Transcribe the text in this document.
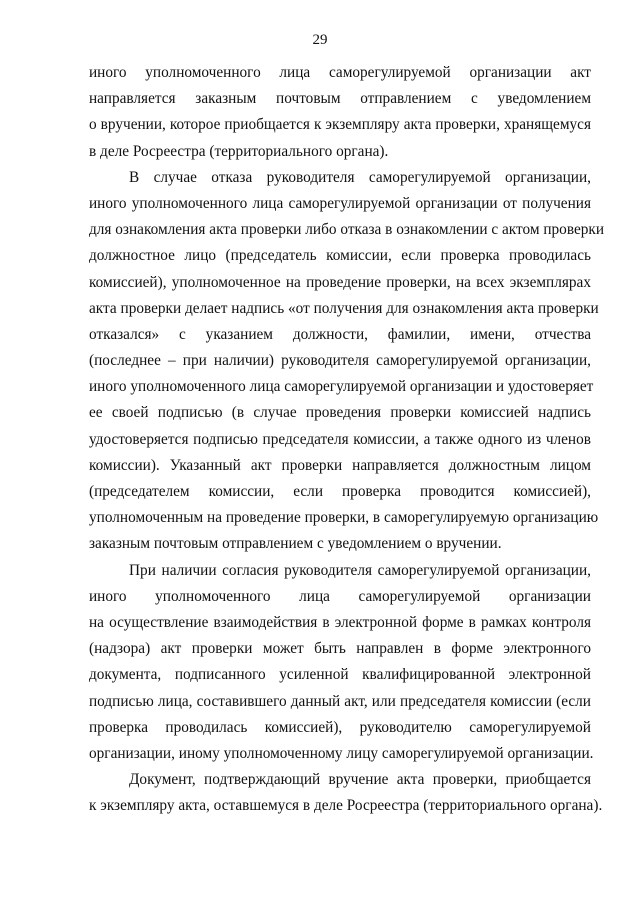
29

иного уполномоченного лица саморегулируемой организации акт
направляется заказным почтовым отправлением с уведомлением
о вручении, которое приобщается к экземпляру акта проверки, хранящемуся
в деле Росреестра (территориального органа).

В случае отказа руководителя саморегулируемой организации,
иного уполномоченного лица саморегулируемой организации от получения
для ознакомления акта проверки либо отказа в ознакомлении с актом проверки
должностное лицо (председатель комиссии, если проверка проводилась
комиссией), уполномоченное на проведение проверки, на всех экземплярах
акта проверки делает надпись «от получения для ознакомления акта проверки
отказался» с указанием должности, фамилии, имени, отчества
(последнее – при наличии) руководителя саморегулируемой организации,
иного уполномоченного лица саморегулируемой организации и удостоверяет
ее своей подписью (в случае проведения проверки комиссией надпись
удостоверяется подписью председателя комиссии, а также одного из членов
комиссии). Указанный акт проверки направляется должностным лицом
(председателем комиссии, если проверка проводится комиссией),
уполномоченным на проведение проверки, в саморегулируемую организацию
заказным почтовым отправлением с уведомлением о вручении.

При наличии согласия руководителя саморегулируемой организации,
иного уполномоченного лица саморегулируемой организации
на осуществление взаимодействия в электронной форме в рамках контроля
(надзора) акт проверки может быть направлен в форме электронного
документа, подписанного усиленной квалифицированной электронной
подписью лица, составившего данный акт, или председателя комиссии (если
проверка проводилась комиссией), руководителю саморегулируемой
организации, иному уполномоченному лицу саморегулируемой организации.

Документ, подтверждающий вручение акта проверки, приобщается
к экземпляру акта, оставшемуся в деле Росреестра (территориального органа).
